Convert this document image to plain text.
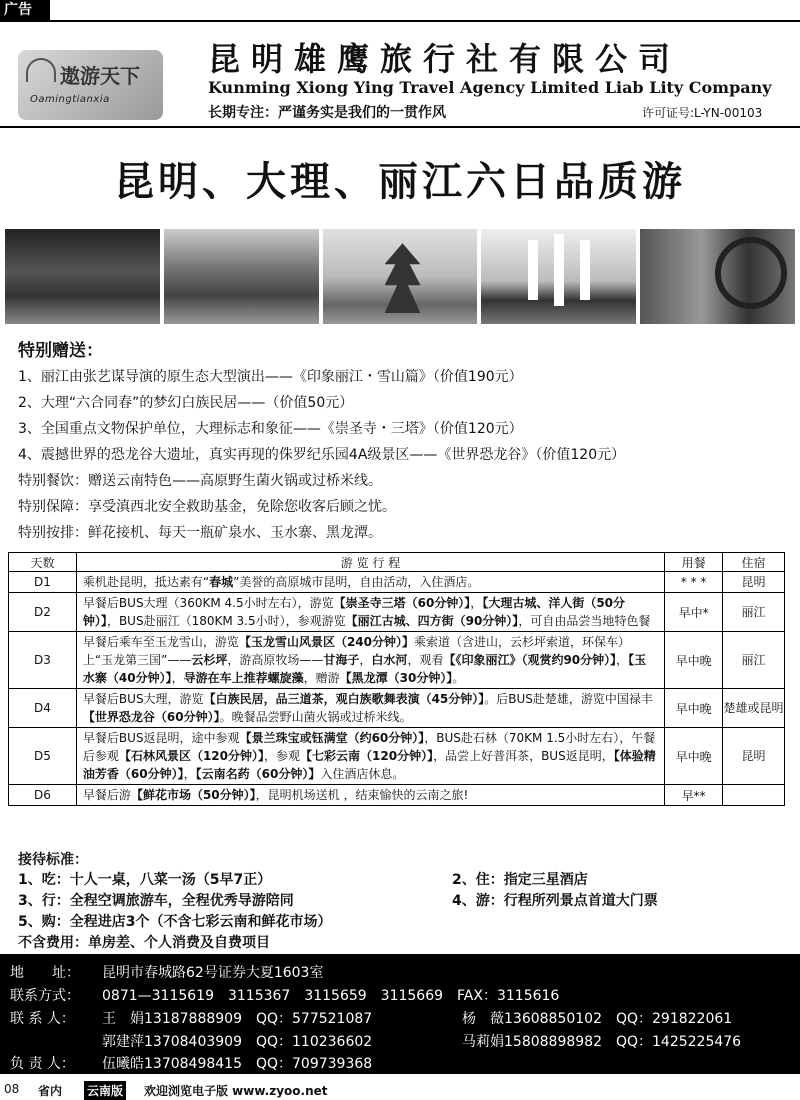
广告
遨游天下
Oamingtianxia
昆明雄鹰旅行社有限公司
Kunming Xiong Ying Travel Agency Limited Liab Lity Company
长期专注：严谨务实是我们的一贯作风	许可证号:L-YN-00103
昆明、大理、丽江六日品质游
特别赠送：
1、丽江由张艺谋导演的原生态大型演出——《印象丽江・雪山篇》（价值190元）
2、大理“六合同春”的梦幻白族民居——（价值50元）
3、全国重点文物保护单位，大理标志和象征——《崇圣寺・三塔》（价值120元）
4、震撼世界的恐龙谷大遗址，真实再现的侏罗纪乐园4A级景区——《世界恐龙谷》（价值120元）
特别餐饮：赠送云南特色——高原野生菌火锅或过桥米线。
特别保障：享受滇西北安全救助基金，免除您收客后顾之忧。
特别按排：鲜花接机、每天一瓶矿泉水、玉水寨、黑龙潭。
天数	游 览 行 程	用餐	住宿
D1	乘机赴昆明，抵达素有“春城”美誉的高原城市昆明，自由活动，入住酒店。	* * *	昆明
D2	早餐后BUS大理（360KM 4.5小时左右），游览【崇圣寺三塔（60分钟）】，【大理古城、洋人街（50分钟）】，BUS赴丽江（180KM 3.5小时），参观游览【丽江古城、四方街（90分钟）】，可自由品尝当地特色餐	早中*	丽江
D3	早餐后乘车至玉龙雪山，游览【玉龙雪山风景区（240分钟）】乘索道（含进山，云杉坪索道，环保车）上“玉龙第三国”——云杉坪，游高原牧场——甘海子，白水河，观看【《印象丽江》（观赏约90分钟）】，【玉水寨（40分钟）】，导游在车上推荐螺旋藻，赠游【黑龙潭（30分钟）】。	早中晚	丽江
D4	早餐后BUS大理，游览【白族民居，品三道茶，观白族歌舞表演（45分钟）】。后BUS赴楚雄，游览中国禄丰【世界恐龙谷（60分钟）】。晚餐品尝野山菌火锅或过桥米线。	早中晚	楚雄或昆明
D5	早餐后BUS返昆明，途中参观【景兰珠宝或钰满堂（约60分钟）】，BUS赴石林（70KM 1.5小时左右），午餐后参观【石林风景区（120分钟）】，参观【七彩云南（120分钟）】，品尝上好普洱茶，BUS返昆明，【体验精油芳香（60分钟）】，【云南名药（60分钟）】入住酒店休息。	早中晚	昆明
D6	早餐后游【鲜花市场（50分钟）】，昆明机场送机 ，结束愉快的云南之旅!	早**	
接待标准：
1、吃：十人一桌，八菜一汤（5早7正）	2、住：指定三星酒店
3、行：全程空调旅游车，全程优秀导游陪同	4、游：行程所列景点首道大门票
5、购：全程进店3个（不含七彩云南和鲜花市场）
不含费用：单房差、个人消费及自费项目
地　　址： 昆明市春城路62号证券大夏1603室
联系方式： 0871—3115619　3115367　3115659　3115669　FAX：3115616
联 系 人： 王　娟13187888909　QQ：577521087	杨　薇13608850102　QQ：291822061
郭建萍13708403909　QQ：110236602	马莉娟15808898982　QQ：1425225476
负 责 人： 伍曦皓13708498415　QQ：709739368
08 省内 云南版 欢迎浏览电子版 www.zyoo.net
